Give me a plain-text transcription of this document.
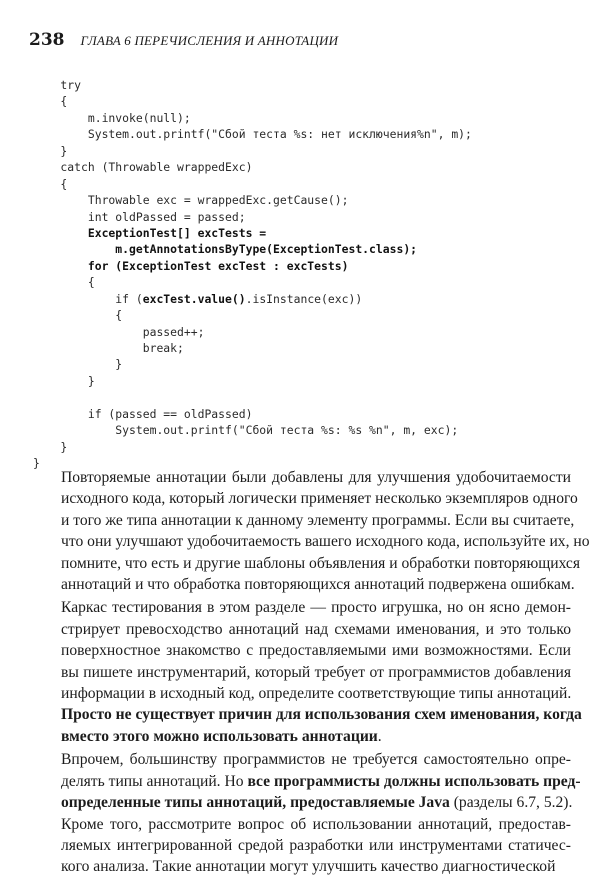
238 ГЛАВА 6 ПЕРЕЧИСЛЕНИЯ И АННОТАЦИИ
try
{
m.invoke(null);
System.out.printf("Сбой теста %s: нет исключения%n", m);
}
catch (Throwable wrappedExc)
{
Throwable exc = wrappedExc.getCause();
int oldPassed = passed;
ExceptionTest[] excTests =
m.getAnnotationsByType(ExceptionTest.class);
for (ExceptionTest excTest : excTests)
{
if (excTest.value().isInstance(exc))
{
passed++;
break;
}
}
if (passed == oldPassed)
System.out.printf("Сбой теста %s: %s %n", m, exc);
}
}
Повторяемые аннотации были добавлены для улучшения удобочитаемости
исходного кода, который логически применяет несколько экземпляров одного
и того же типа аннотации к данному элементу программы. Если вы считаете,
что они улучшают удобочитаемость вашего исходного кода, используйте их, но
помните, что есть и другие шаблоны объявления и обработки повторяющихся
аннотаций и что обработка повторяющихся аннотаций подвержена ошибкам.
Каркас тестирования в этом разделе — просто игрушка, но он ясно демон-
стрирует превосходство аннотаций над схемами именования, и это только
поверхностное знакомство с предоставляемыми ими возможностями. Если
вы пишете инструментарий, который требует от программистов добавления
информации в исходный код, определите соответствующие типы аннотаций.
Просто не существует причин для использования схем именования, когда
вместо этого можно использовать аннотации.
Впрочем, большинству программистов не требуется самостоятельно опре-
делять типы аннотаций. Но все программисты должны использовать пред-
определенные типы аннотаций, предоставляемые Java (разделы 6.7, 5.2).
Кроме того, рассмотрите вопрос об использовании аннотаций, предостав-
ляемых интегрированной средой разработки или инструментами статичес-
кого анализа. Такие аннотации могут улучшить качество диагностической
